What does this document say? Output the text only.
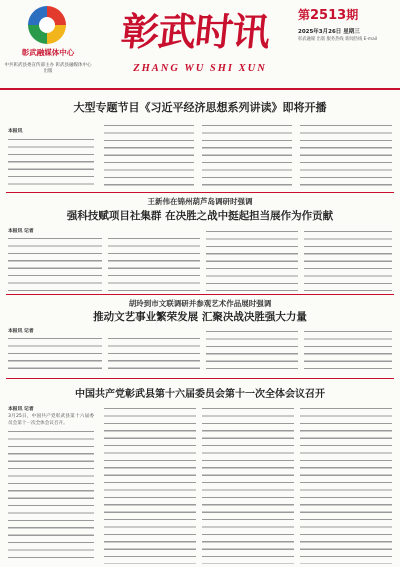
彰武融媒体中心
中共彰武县委宣传部主办 彰武县融媒体中心出版
彰武时讯
ZHANG WU SHI XUN
第2513期
2025年3月26日 星期三
彰武融媒 出版 服务热线 新闻热线 E-mail
大型专题节目《习近平经济思想系列讲读》即将开播
本报讯
王新伟在锦州葫芦岛调研时强调
强科技赋项目社集群 在决胜之战中挺起担当展作为作贡献
本报讯 记者
胡玲到市文联调研并参观艺术作品展时强调
推动文艺事业繁荣发展 汇聚决战决胜强大力量
本报讯 记者
中国共产党彰武县第十六届委员会第十一次全体会议召开
本报讯 记者
3月25日，中国共产党彰武县第十六届委员会第十一次全体会议召开。
